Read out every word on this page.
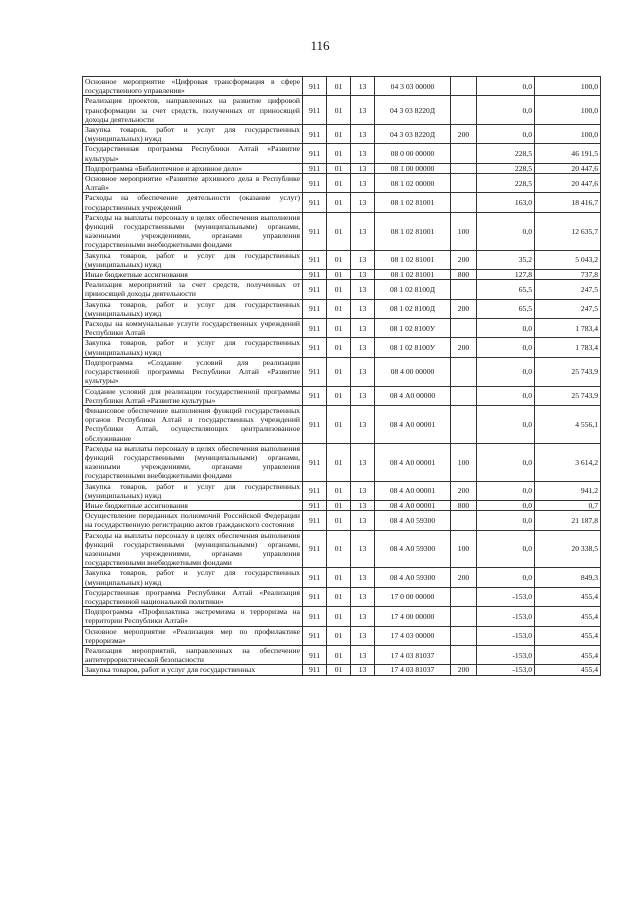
116
Основное мероприятие «Цифровая трансформация в сфере государственного управления»	911	01	13	04 3 03 00000		0,0	100,0
Реализация проектов, направленных на развитие цифровой трансформации за счет средств, полученных от приносящей доходы деятельности	911	01	13	04 3 03 8220Д		0,0	100,0
Закупка товаров, работ и услуг для государственных (муниципальных) нужд	911	01	13	04 3 03 8220Д	200	0,0	100,0
Государственная программа Республики Алтай «Развитие культуры»	911	01	13	08 0 00 00000		228,5	46 191,5
Подпрограмма «Библиотечное и архивное дело»	911	01	13	08 1 00 00000		228,5	20 447,6
Основное мероприятие «Развитие архивного дела в Республике Алтай»	911	01	13	08 1 02 00000		228,5	20 447,6
Расходы на обеспечение деятельности (оказание услуг) государственных учреждений	911	01	13	08 1 02 81001		163,0	18 416,7
Расходы на выплаты персоналу в целях обеспечения выполнения функций государственными (муниципальными) органами, казенными учреждениями, органами управления государственными внебюджетными фондами	911	01	13	08 1 02 81001	100	0,0	12 635,7
Закупка товаров, работ и услуг для государственных (муниципальных) нужд	911	01	13	08 1 02 81001	200	35,2	5 043,2
Иные бюджетные ассигнования	911	01	13	08 1 02 81001	800	127,8	737,8
Реализация мероприятий за счет средств, полученных от приносящей доходы деятельности	911	01	13	08 1 02 8100Д		65,5	247,5
Закупка товаров, работ и услуг для государственных (муниципальных) нужд	911	01	13	08 1 02 8100Д	200	65,5	247,5
Расходы на коммунальные услуги государственных учреждений Республики Алтай	911	01	13	08 1 02 8100У		0,0	1 783,4
Закупка товаров, работ и услуг для государственных (муниципальных) нужд	911	01	13	08 1 02 8100У	200	0,0	1 783,4
Подпрограмма «Создание условий для реализации государственной программы Республики Алтай «Развитие культуры»	911	01	13	08 4 00 00000		0,0	25 743,9
Создание условий для реализации государственной программы Республики Алтай «Развитие культуры»	911	01	13	08 4 А0 00000		0,0	25 743,9
Финансовое обеспечение выполнения функций государственных органов Республики Алтай и государственных учреждений Республики Алтай, осуществляющих централизованное обслуживание	911	01	13	08 4 А0 00001		0,0	4 556,1
Расходы на выплаты персоналу в целях обеспечения выполнения функций государственными (муниципальными) органами, казенными учреждениями, органами управления государственными внебюджетными фондами	911	01	13	08 4 А0 00001	100	0,0	3 614,2
Закупка товаров, работ и услуг для государственных (муниципальных) нужд	911	01	13	08 4 А0 00001	200	0,0	941,2
Иные бюджетные ассигнования	911	01	13	08 4 А0 00001	800	0,0	0,7
Осуществление переданных полномочий Российской Федерации на государственную регистрацию актов гражданского состояния	911	01	13	08 4 А0 59300		0,0	21 187,8
Расходы на выплаты персоналу в целях обеспечения выполнения функций государственными (муниципальными) органами, казенными учреждениями, органами управления государственными внебюджетными фондами	911	01	13	08 4 А0 59300	100	0,0	20 338,5
Закупка товаров, работ и услуг для государственных (муниципальных) нужд	911	01	13	08 4 А0 59300	200	0,0	849,3
Государственная программа Республики Алтай «Реализация государственной национальной политики»	911	01	13	17 0 00 00000		-153,0	455,4
Подпрограмма «Профилактика экстремизма и терроризма на территории Республики Алтай»	911	01	13	17 4 00 00000		-153,0	455,4
Основное мероприятие «Реализация мер по профилактике терроризма»	911	01	13	17 4 03 00000		-153,0	455,4
Реализация мероприятий, направленных на обеспечение антитеррористической безопасности	911	01	13	17 4 03 81037		-153,0	455,4
Закупка товаров, работ и услуг для государственных	911	01	13	17 4 03 81037	200	-153,0	455,4
